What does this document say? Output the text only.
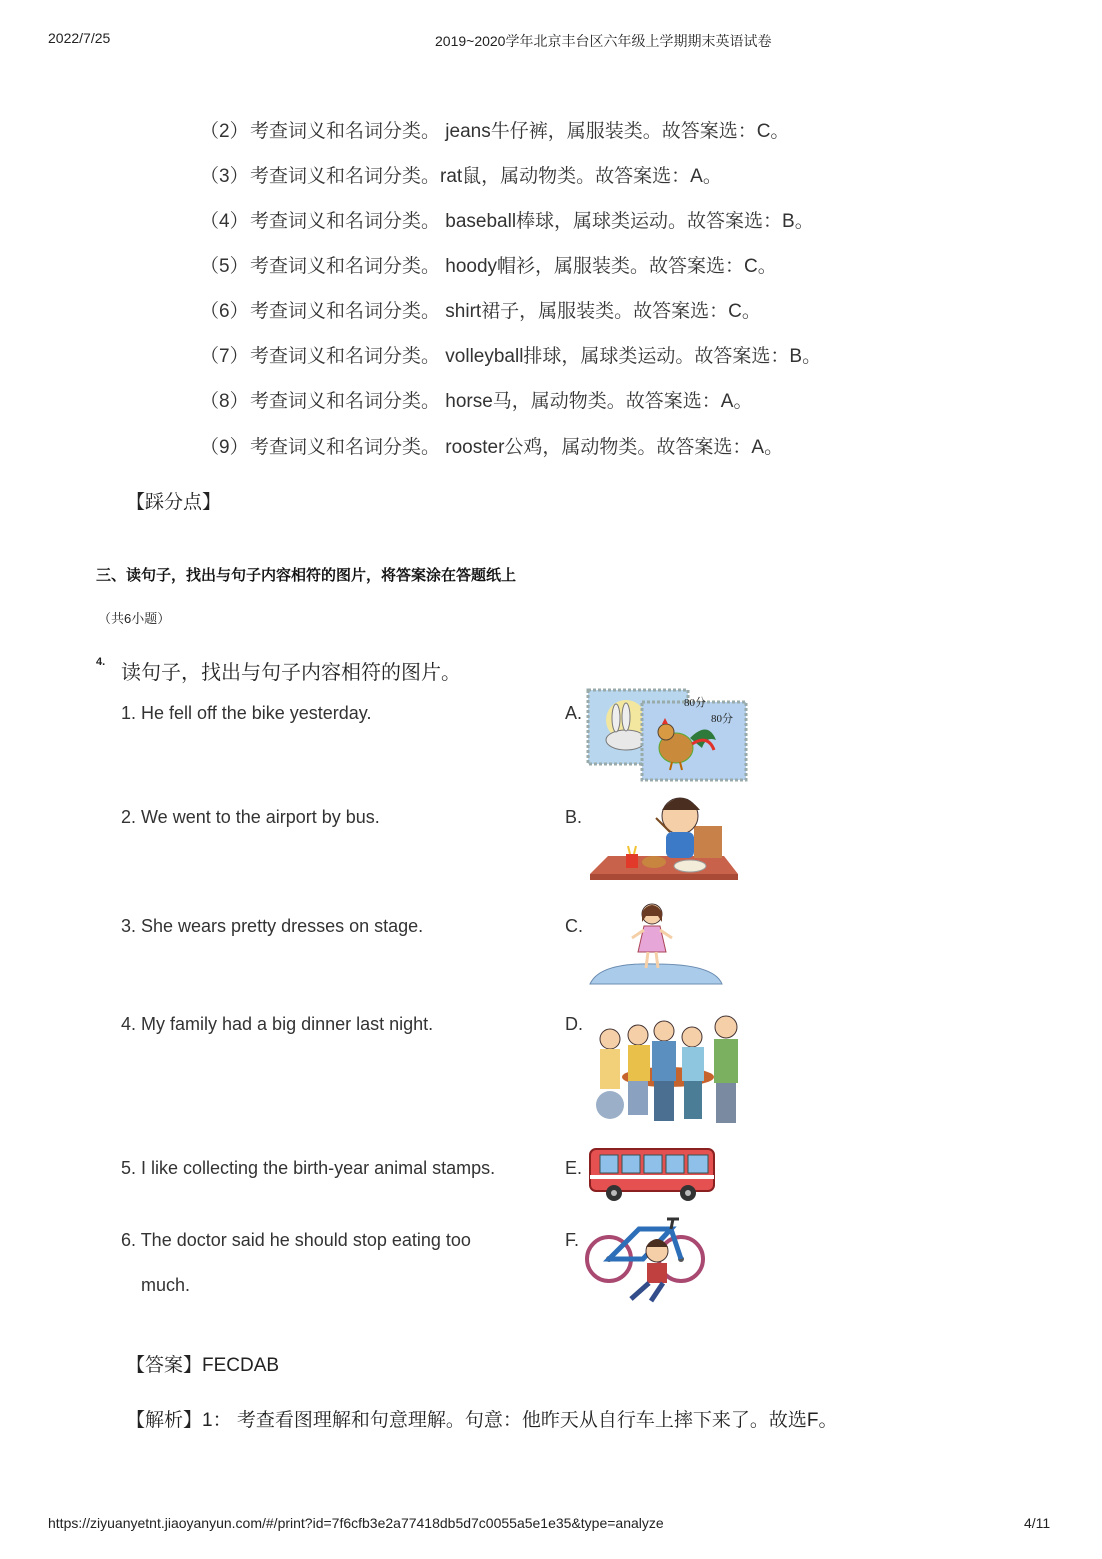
2022/7/25	2019~2020学年北京丰台区六年级上学期期末英语试卷
（2）考查词义和名词分类。 jeans牛仔裤，属服装类。故答案选：C。
（3）考查词义和名词分类。rat鼠，属动物类。故答案选：A。
（4）考查词义和名词分类。 baseball棒球，属球类运动。故答案选：B。
（5）考查词义和名词分类。 hoody帽衫，属服装类。故答案选：C。
（6）考查词义和名词分类。 shirt裙子，属服装类。故答案选：C。
（7）考查词义和名词分类。 volleyball排球，属球类运动。故答案选：B。
（8）考查词义和名词分类。 horse马，属动物类。故答案选：A。
（9）考查词义和名词分类。 rooster公鸡，属动物类。故答案选：A。
【踩分点】
三、读句子，找出与句子内容相符的图片，将答案涂在答题纸上
（共6小题）
4. 读句子，找出与句子内容相符的图片。
1. He fell off the bike yesterday.
2. We went to the airport by bus.
3. She wears pretty dresses on stage.
4. My family had a big dinner last night.
5. I like collecting the birth-year animal stamps.
6. The doctor said he should stop eating too
much.
A.
B.
C.
D.
E.
F.
80分
80分
【答案】FECDAB
【解析】1： 考查看图理解和句意理解。句意：他昨天从自行车上摔下来了。故选F。
https://ziyuanyetnt.jiaoyanyun.com/#/print?id=7f6cfb3e2a77418db5d7c0055a5e1e35&type=analyze	4/11
